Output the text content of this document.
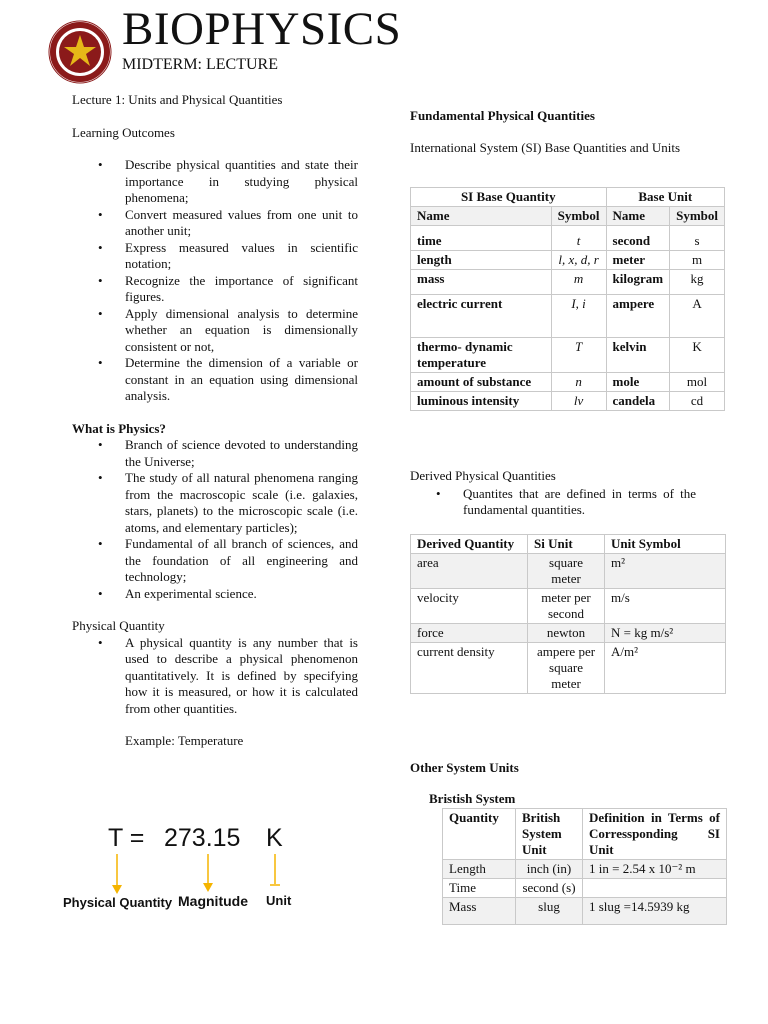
BIOPHYSICS
MIDTERM: LECTURE

Lecture 1: Units and Physical Quantities

Learning Outcomes

• Describe physical quantities and state their importance in studying physical phenomena;
• Convert measured values from one unit to another unit;
• Express measured values in scientific notation;
• Recognize the importance of significant figures.
• Apply dimensional analysis to determine whether an equation is dimensionally consistent or not,
• Determine the dimension of a variable or constant in an equation using dimensional analysis.

What is Physics?

• Branch of science devoted to understanding the Universe;
• The study of all natural phenomena ranging from the macroscopic scale (i.e. galaxies, stars, planets) to the microscopic scale (i.e. atoms, and elementary particles);
• Fundamental of all branch of sciences, and the foundation of all engineering and technology;
• An experimental science.

Physical Quantity

• A physical quantity is any number that is used to describe a physical phenomenon quantitatively. It is defined by specifying how it is measured, or how it is calculated from other quantities.

Example: Temperature

T = 273.15 K
Physical Quantity Magnitude Unit
Fundamental Physical Quantities
International System (SI) Base Quantities and Units
SI Base Quantity		Base Unit	
Name	Symbol	Name	Symbol
time	t	second	s
length	l, x, d, r	meter	m
mass	m	kilogram	kg
electric current	I, i	ampere	A
thermo- dynamic temperature	T	kelvin	K
amount of substance	n	mole	mol
luminous intensity	lv	candela	cd
Derived Physical Quantities
• Quantites that are defined in terms of the fundamental quantities.
Derived Quantity	Si Unit	Unit Symbol
area	square meter	m²
velocity	meter per second	m/s
force	newton	N = kg m/s²
current density	ampere per square meter	A/m²
Other System Units
Bristish System
Quantity	British System Unit	Definition in Terms of Corressponding SI Unit
Length	inch (in)	1 in = 2.54 x 10⁻² m
Time	second (s)	
Mass	slug	1 slug =14.5939 kg
